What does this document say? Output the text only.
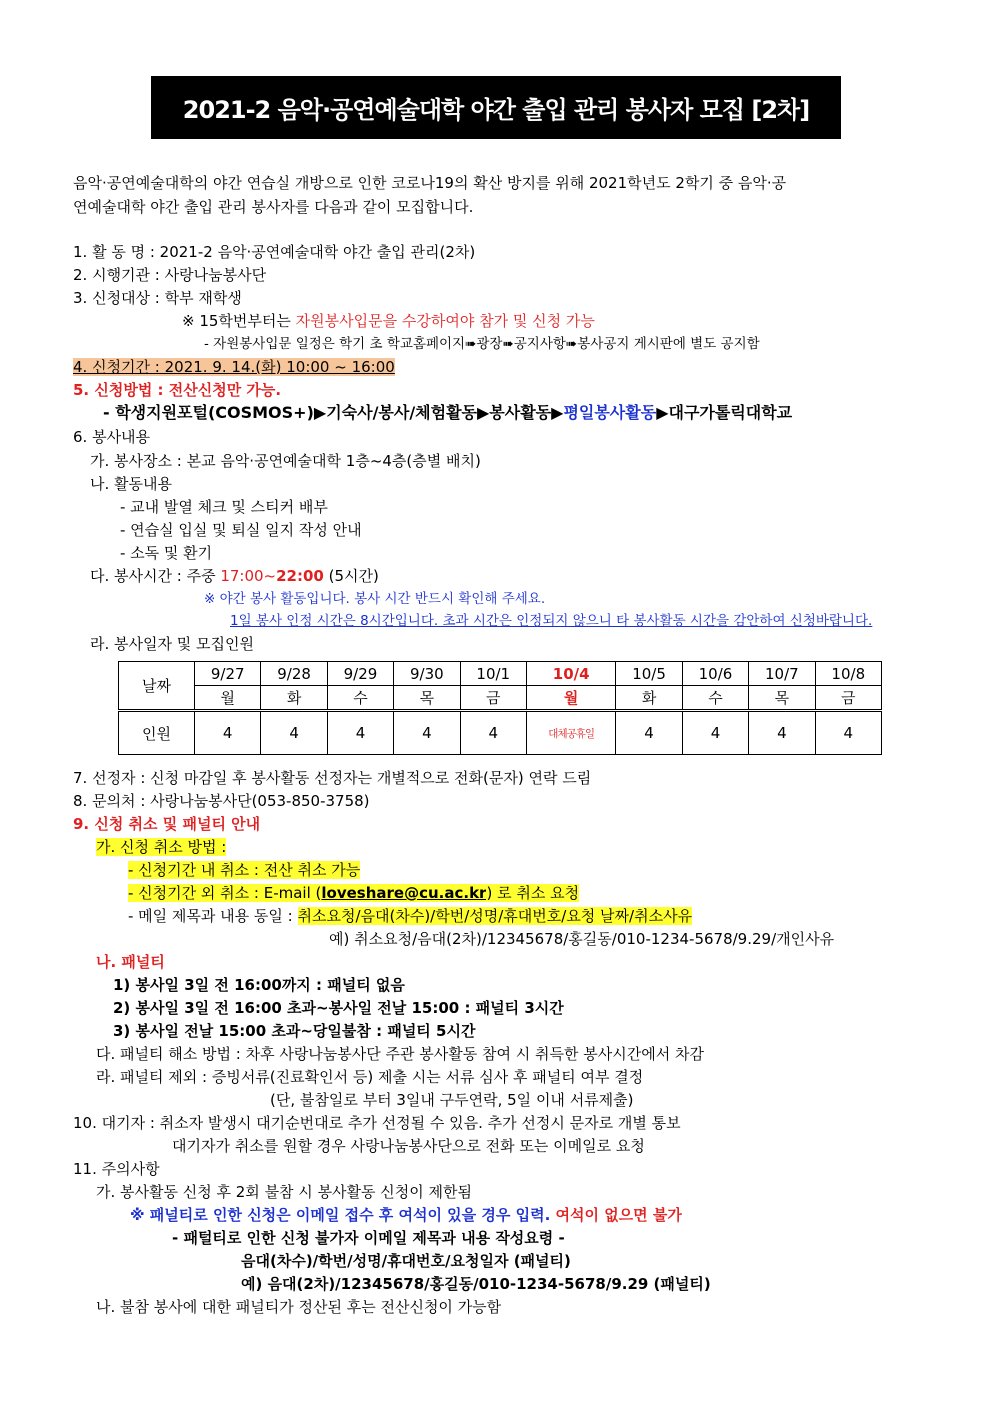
2021-2 음악·공연예술대학 야간 출입 관리 봉사자 모집 [2차]
음악·공연예술대학의 야간 연습실 개방으로 인한 코로나19의 확산 방지를 위해 2021학년도 2학기 중 음악·공
연예술대학 야간 출입 관리 봉사자를 다음과 같이 모집합니다.
1. 활 동 명 : 2021-2 음악·공연예술대학 야간 출입 관리(2차)
2. 시행기관 : 사랑나눔봉사단
3. 신청대상 : 학부 재학생
※ 15학번부터는 자원봉사입문을 수강하여야 참가 및 신청 가능
- 자원봉사입문 일정은 학기 초 학교홈페이지➠광장➠공지사항➠봉사공지 게시판에 별도 공지함
4. 신청기간 : 2021. 9. 14.(화) 10:00 ~ 16:00
5. 신청방법 : 전산신청만 가능.
- 학생지원포털(COSMOS+)▶기숙사/봉사/체험활동▶봉사활동▶평일봉사활동▶대구가톨릭대학교
6. 봉사내용
가. 봉사장소 : 본교 음악·공연예술대학 1층~4층(층별 배치)
나. 활동내용
- 교내 발열 체크 및 스티커 배부
- 연습실 입실 및 퇴실 일지 작성 안내
- 소독 및 환기
다. 봉사시간 : 주중 17:00~22:00 (5시간)
※ 야간 봉사 활동입니다. 봉사 시간 반드시 확인해 주세요.
1일 봉사 인정 시간은 8시간입니다. 초과 시간은 인정되지 않으니 타 봉사활동 시간을 감안하여 신청바랍니다.
라. 봉사일자 및 모집인원
날짜	9/27	9/28	9/29	9/30	10/1	10/4	10/5	10/6	10/7	10/8
	월	화	수	목	금	월	화	수	목	금
인원	4	4	4	4	4	대체공휴일	4	4	4	4
7. 선정자 : 신청 마감일 후 봉사활동 선정자는 개별적으로 전화(문자) 연락 드림
8. 문의처 : 사랑나눔봉사단(053-850-3758)
9. 신청 취소 및 패널티 안내
가. 신청 취소 방법 :
- 신청기간 내 취소 : 전산 취소 가능
- 신청기간 외 취소 : E-mail (loveshare@cu.ac.kr) 로 취소 요청
- 메일 제목과 내용 동일 : 취소요청/음대(차수)/학번/성명/휴대번호/요청 날짜/취소사유
예) 취소요청/음대(2차)/12345678/홍길동/010-1234-5678/9.29/개인사유
나. 패널티
1) 봉사일 3일 전 16:00까지 : 패널티 없음
2) 봉사일 3일 전 16:00 초과~봉사일 전날 15:00 : 패널티 3시간
3) 봉사일 전날 15:00 초과~당일불참 : 패널티 5시간
다. 패널티 해소 방법 : 차후 사랑나눔봉사단 주관 봉사활동 참여 시 취득한 봉사시간에서 차감
라. 패널티 제외 : 증빙서류(진료확인서 등) 제출 시는 서류 심사 후 패널티 여부 결정
(단, 불참일로 부터 3일내 구두연락, 5일 이내 서류제출)
10. 대기자 : 취소자 발생시 대기순번대로 추가 선정될 수 있음. 추가 선정시 문자로 개별 통보
대기자가 취소를 원할 경우 사랑나눔봉사단으로 전화 또는 이메일로 요청
11. 주의사항
가. 봉사활동 신청 후 2회 불참 시 봉사활동 신청이 제한됨
※ 패널티로 인한 신청은 이메일 접수 후 여석이 있을 경우 입력. 여석이 없으면 불가
- 패털티로 인한 신청 불가자 이메일 제목과 내용 작성요령 -
음대(차수)/학번/성명/휴대번호/요청일자 (패널티)
예) 음대(2차)/12345678/홍길동/010-1234-5678/9.29 (패널티)
나. 불참 봉사에 대한 패널티가 정산된 후는 전산신청이 가능함
